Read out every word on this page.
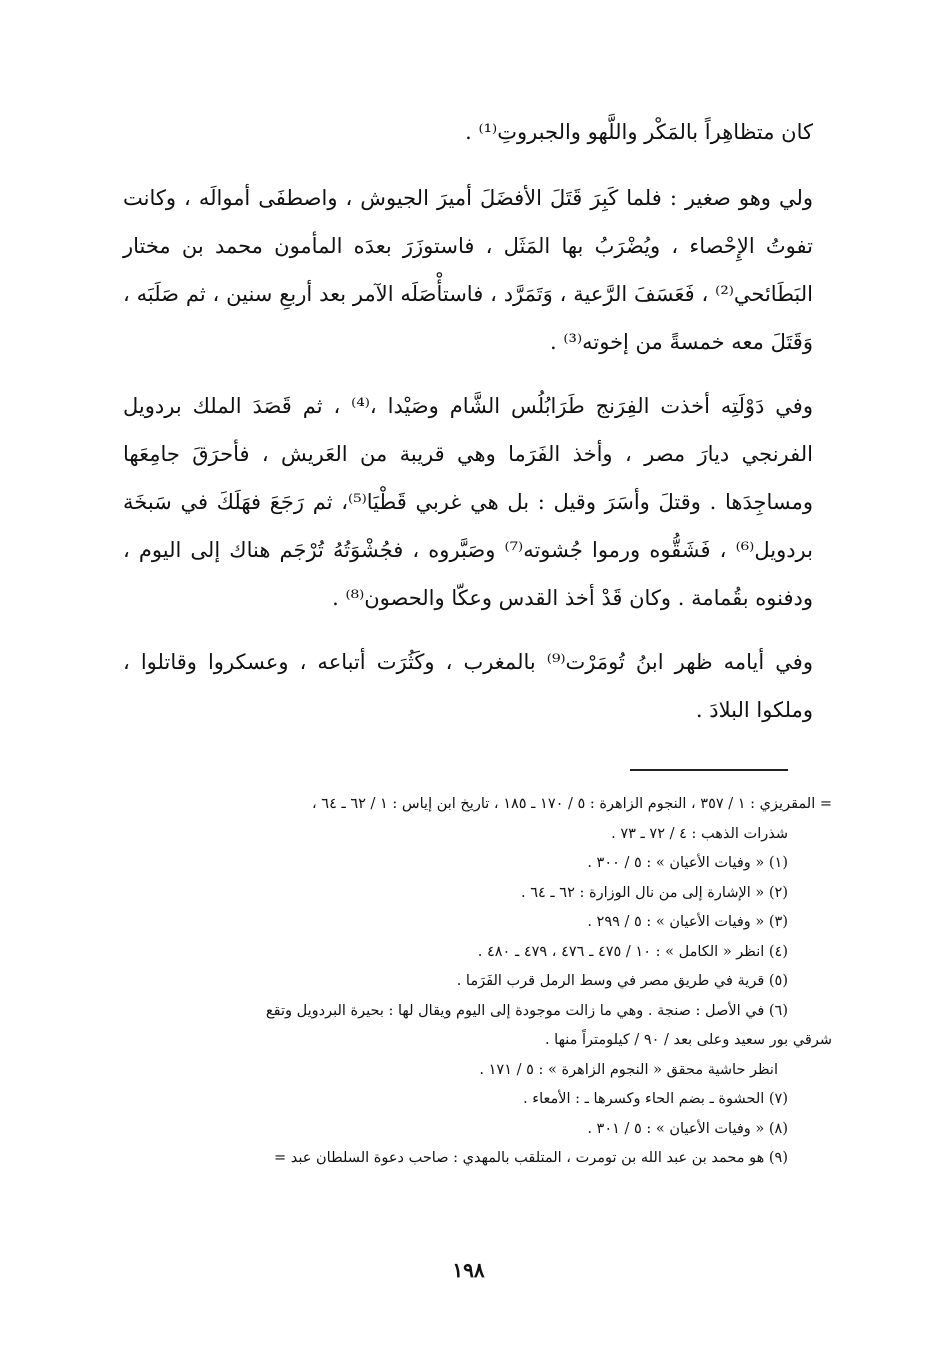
كان متظاهِراً بالمَكْر واللَّهو والجبروتِ⁽¹⁾ .

ولي وهو صغير : فلما كَبِرَ قَتَلَ الأفضَلَ أميرَ الجيوش ، واصطفَى أموالَه ، وكانت تفوتُ الإِحْصاء ، ويُضْرَبُ بها المَثَل ، فاستوزَرَ بعدَه المأمون محمد بن مختار البَطَائحي⁽²⁾ ، فَعَسَفَ الرَّعية ، وَتَمَرَّد ، فاستأْصَلَه الآمر بعد أربعِ سنين ، ثم صَلَبَه ، وَقَتَلَ معه خمسةً من إخوته⁽³⁾ .

وفي دَوْلَتِه أخذت الفِرَنج طَرَابُلُس الشَّام وصَيْدا ،⁽⁴⁾ ، ثم قَصَدَ الملك بردويل الفرنجي ديارَ مصر ، وأخذ الفَرَما وهي قريبة من العَريش ، فأحرَقَ جامِعَها ومساجِدَها . وقتلَ وأسَرَ وقيل : بل هي غربي قَطْيَا⁽⁵⁾، ثم رَجَعَ فهَلَكَ في سَبخَة بردويل⁽⁶⁾ ، فَشَقُّوه ورموا جُشوته⁽⁷⁾ وصَبَّروه ، فجُشْوَتُهُ تُرْجَم هناك إلى اليوم ، ودفنوه بقُمامة . وكان قَدْ أخذ القدس وعكّا والحصون⁽⁸⁾ .

وفي أيامه ظهر ابنُ تُومَرْت⁽⁹⁾ بالمغرب ، وكَثُرَت أتباعه ، وعسكروا وقاتلوا ، وملكوا البلادَ .

= المقريزي : ١ / ٣٥٧ ، النجوم الزاهرة : ٥ / ١٧٠ ـ ١٨٥ ، تاريخ ابن إياس : ١ / ٦٢ ـ ٦٤ ،
شذرات الذهب : ٤ / ٧٢ ـ ٧٣ .
(١) « وفيات الأعيان » : ٥ / ٣٠٠ .
(٢) « الإشارة إلى من نال الوزارة : ٦٢ ـ ٦٤ .
(٣) « وفيات الأعيان » : ٥ / ٢٩٩ .
(٤) انظر « الكامل » : ١٠ / ٤٧٥ ـ ٤٧٦ ، ٤٧٩ ـ ٤٨٠ .
(٥) قرية في طريق مصر في وسط الرمل قرب الفَرَما .
(٦) في الأصل : صنجة . وهي ما زالت موجودة إلى اليوم ويقال لها : بحيرة البردويل وتقع
شرقي بور سعيد وعلى بعد / ٩٠ / كيلومتراً منها .
انظر حاشية محقق « النجوم الزاهرة » : ٥ / ١٧١ .
(٧) الحشوة ـ بضم الحاء وكسرها ـ : الأمعاء .
(٨) « وفيات الأعيان » : ٥ / ٣٠١ .
(٩) هو محمد بن عبد الله بن تومرت ، المتلقب بالمهدي : صاحب دعوة السلطان عبد =
١٩٨
